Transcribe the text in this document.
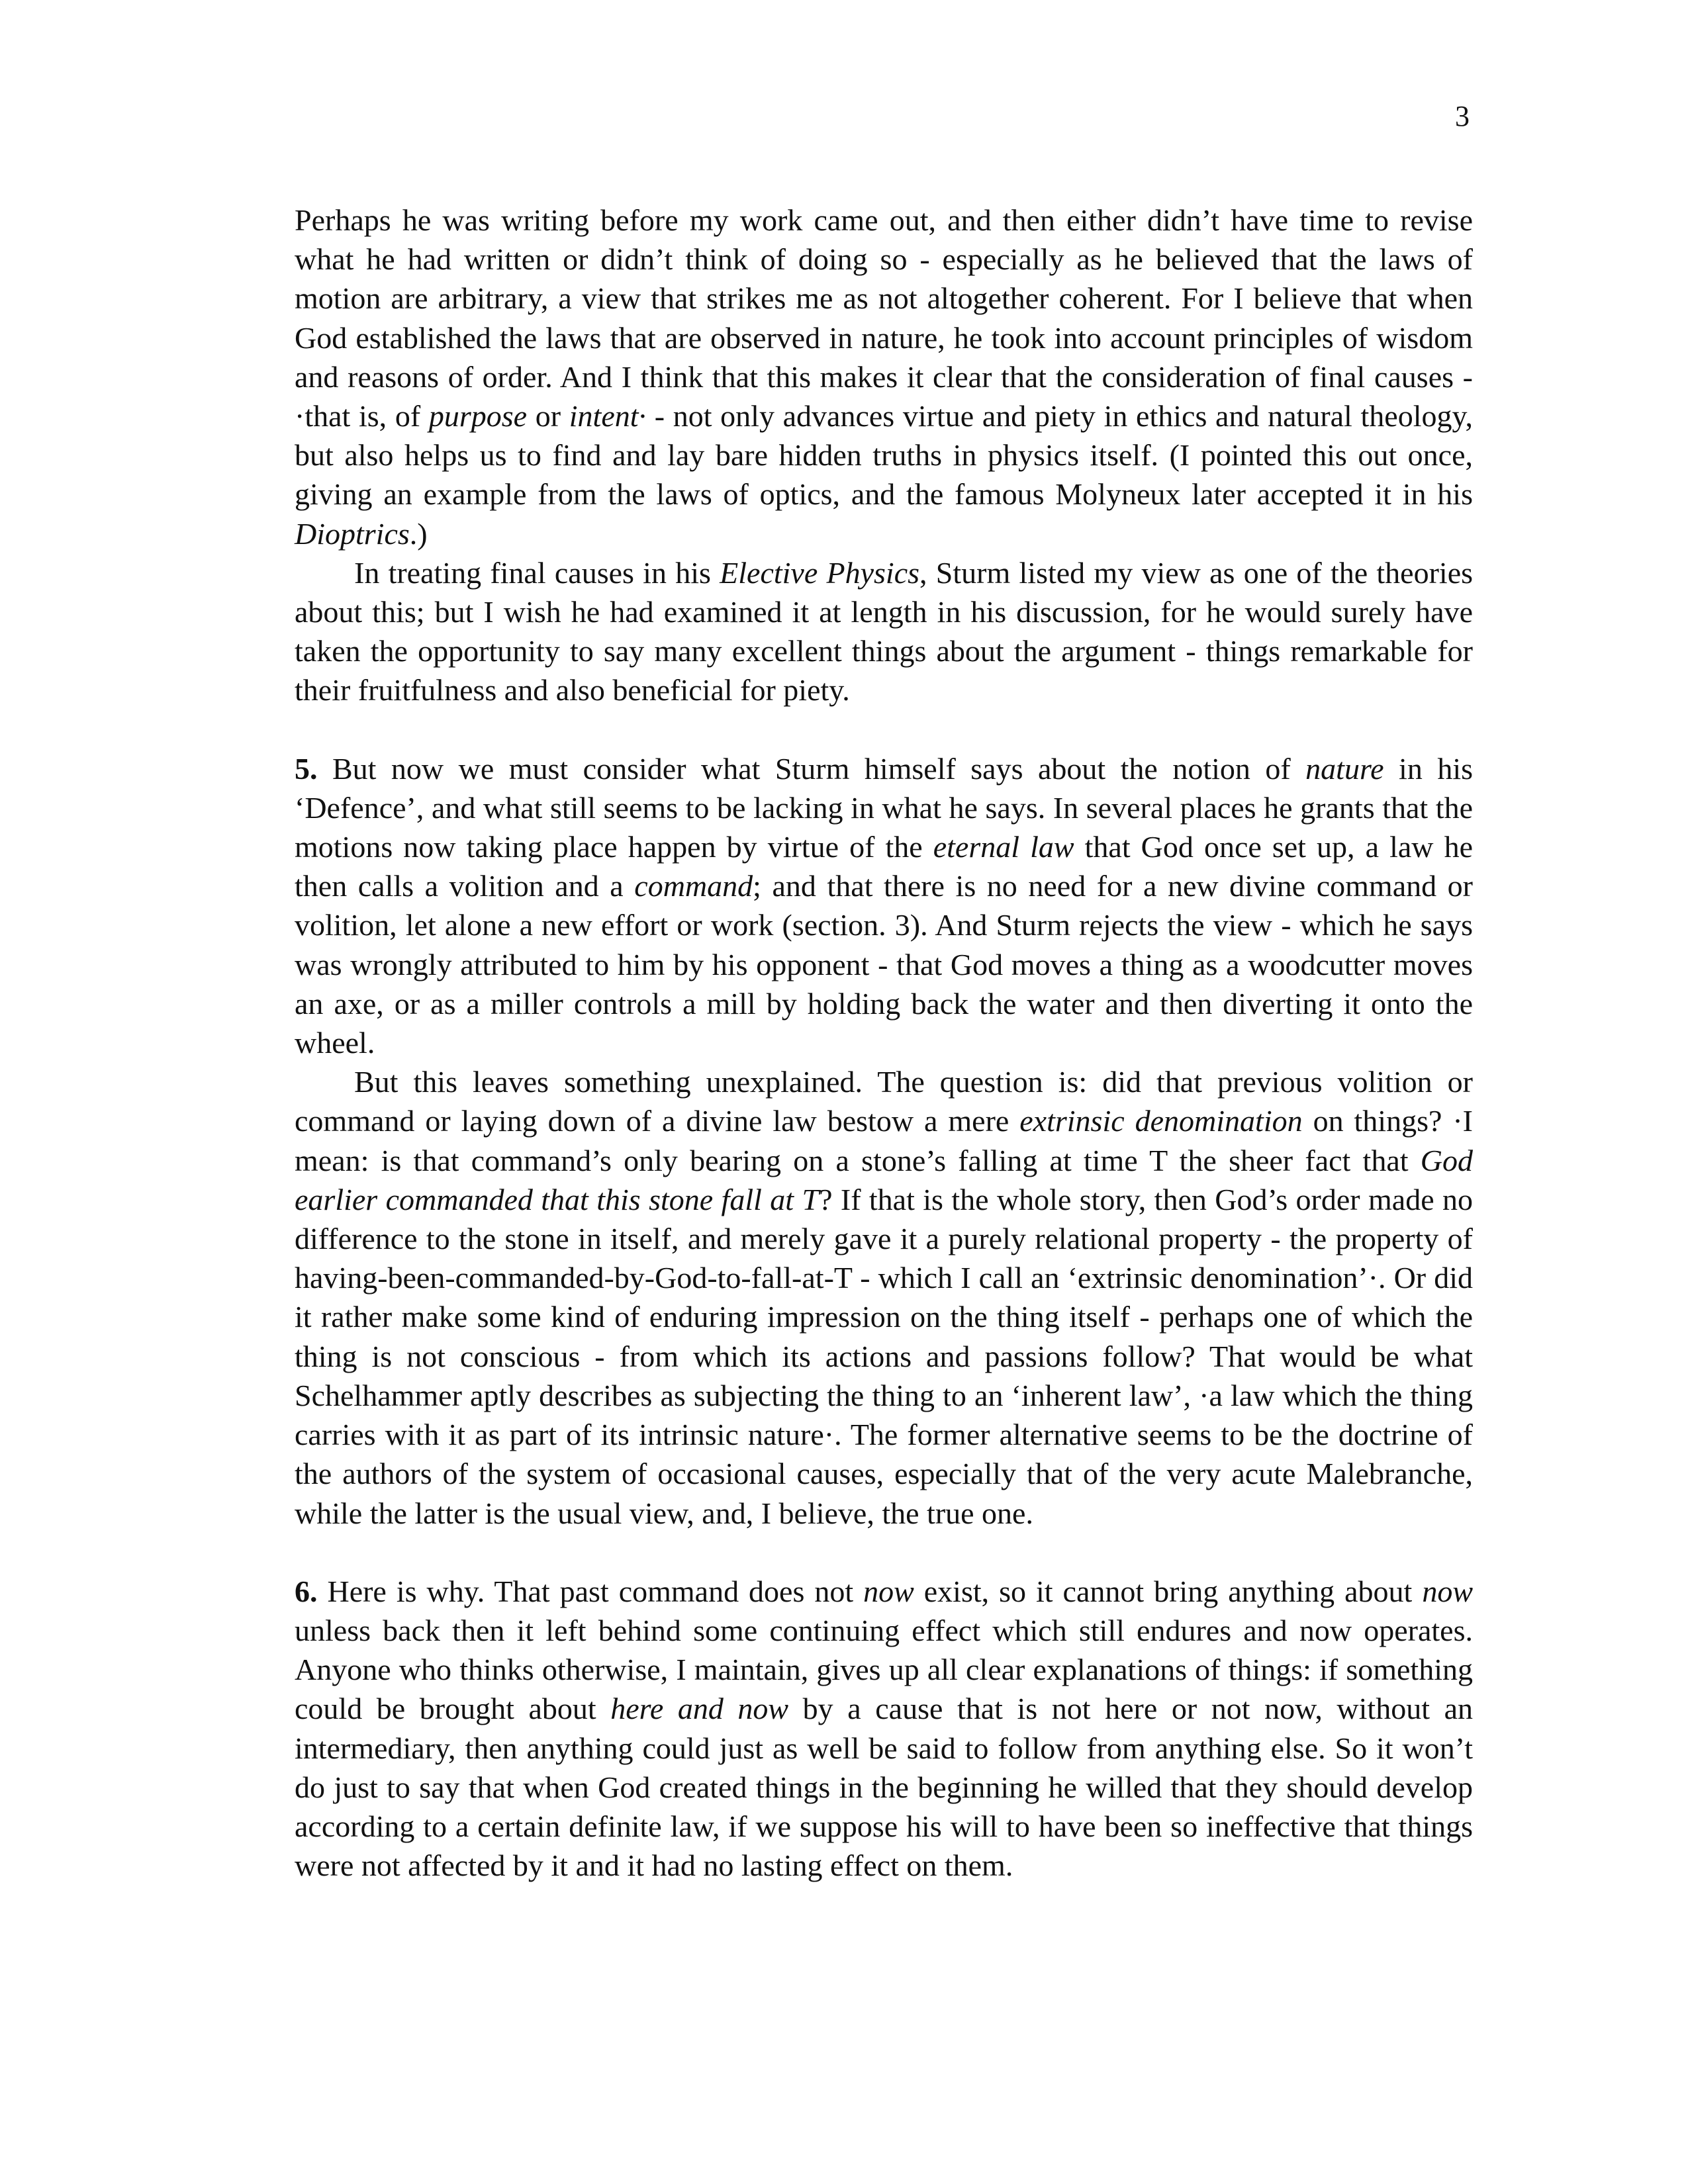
3

Perhaps he was writing before my work came out, and then either didn’t have time to revise what he had written or didn’t think of doing so - especially as he believed that the laws of motion are arbitrary, a view that strikes me as not altogether coherent. For I believe that when God established the laws that are observed in nature, he took into account principles of wisdom and reasons of order. And I think that this makes it clear that the consideration of final causes - ·that is, of purpose or intent· - not only advances virtue and piety in ethics and natural theology, but also helps us to find and lay bare hidden truths in physics itself. (I pointed this out once, giving an example from the laws of optics, and the famous Molyneux later accepted it in his Dioptrics.)

In treating final causes in his Elective Physics, Sturm listed my view as one of the theories about this; but I wish he had examined it at length in his discussion, for he would surely have taken the opportunity to say many excellent things about the argument - things remarkable for their fruitfulness and also beneficial for piety.

5. But now we must consider what Sturm himself says about the notion of nature in his ‘Defence’, and what still seems to be lacking in what he says. In several places he grants that the motions now taking place happen by virtue of the eternal law that God once set up, a law he then calls a volition and a command; and that there is no need for a new divine command or volition, let alone a new effort or work (section. 3). And Sturm rejects the view - which he says was wrongly attributed to him by his opponent - that God moves a thing as a woodcutter moves an axe, or as a miller controls a mill by holding back the water and then diverting it onto the wheel.

But this leaves something unexplained. The question is: did that previous volition or command or laying down of a divine law bestow a mere extrinsic denomination on things? ·I mean: is that command’s only bearing on a stone’s falling at time T the sheer fact that God earlier commanded that this stone fall at T? If that is the whole story, then God’s order made no difference to the stone in itself, and merely gave it a purely relational property - the property of having-been-commanded-by-God-to-fall-at-T - which I call an ‘extrinsic denomination’·. Or did it rather make some kind of enduring impression on the thing itself - perhaps one of which the thing is not conscious - from which its actions and passions follow? That would be what Schelhammer aptly describes as subjecting the thing to an ‘inherent law’, ·a law which the thing carries with it as part of its intrinsic nature·. The former alternative seems to be the doctrine of the authors of the system of occasional causes, especially that of the very acute Malebranche, while the latter is the usual view, and, I believe, the true one.

6. Here is why. That past command does not now exist, so it cannot bring anything about now unless back then it left behind some continuing effect which still endures and now operates. Anyone who thinks otherwise, I maintain, gives up all clear explanations of things: if something could be brought about here and now by a cause that is not here or not now, without an intermediary, then anything could just as well be said to follow from anything else. So it won’t do just to say that when God created things in the beginning he willed that they should develop according to a certain definite law, if we suppose his will to have been so ineffective that things were not affected by it and it had no lasting effect on them.
